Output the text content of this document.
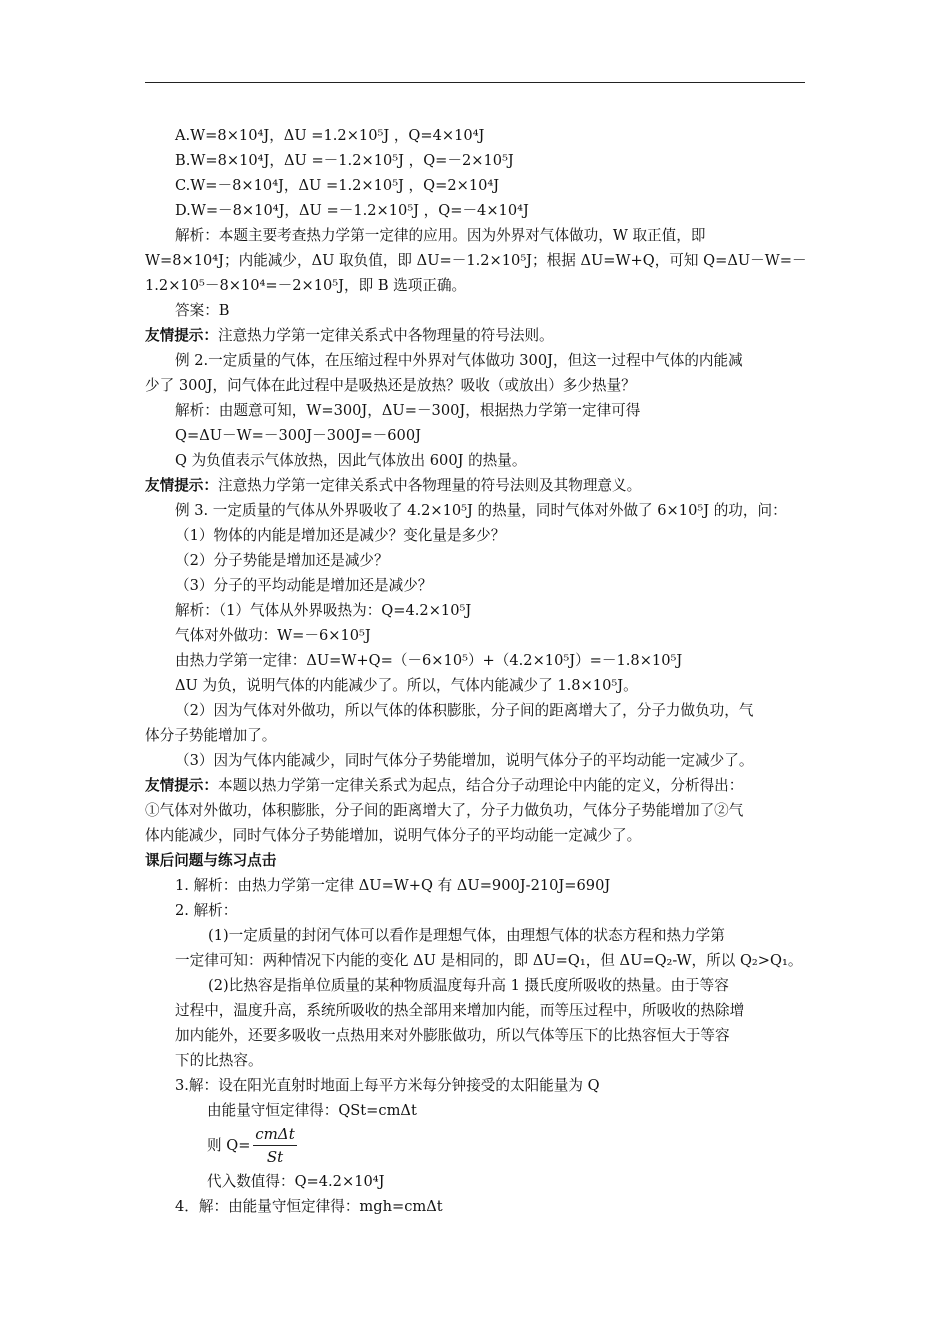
A.W=8×10⁴J，ΔU =1.2×10⁵J ，Q=4×10⁴J
B.W=8×10⁴J，ΔU =－1.2×10⁵J ，Q=－2×10⁵J
C.W=－8×10⁴J，ΔU =1.2×10⁵J ，Q=2×10⁴J
D.W=－8×10⁴J，ΔU =－1.2×10⁵J ，Q=－4×10⁴J
解析：本题主要考查热力学第一定律的应用。因为外界对气体做功，W 取正值，即
W=8×10⁴J；内能减少，ΔU 取负值，即 ΔU=－1.2×10⁵J；根据 ΔU=W+Q，可知 Q=ΔU－W=－
1.2×10⁵－8×10⁴=－2×10⁵J，即 B 选项正确。
答案：B
友情提示：注意热力学第一定律关系式中各物理量的符号法则。
例 2.一定质量的气体，在压缩过程中外界对气体做功 300J，但这一过程中气体的内能减
少了 300J，问气体在此过程中是吸热还是放热？吸收（或放出）多少热量？
解析：由题意可知，W=300J，ΔU=－300J，根据热力学第一定律可得
Q=ΔU－W=－300J－300J=－600J
Q 为负值表示气体放热，因此气体放出 600J 的热量。
友情提示：注意热力学第一定律关系式中各物理量的符号法则及其物理意义。
例 3. 一定质量的气体从外界吸收了 4.2×10⁵J 的热量，同时气体对外做了 6×10⁵J 的功，问：
（1）物体的内能是增加还是减少？变化量是多少？
（2）分子势能是增加还是减少？
（3）分子的平均动能是增加还是减少？
解析：（1）气体从外界吸热为：Q=4.2×10⁵J
气体对外做功：W=－6×10⁵J
由热力学第一定律：ΔU=W+Q=（－6×10⁵）+（4.2×10⁵J）=－1.8×10⁵J
ΔU 为负，说明气体的内能减少了。所以，气体内能减少了 1.8×10⁵J。
（2）因为气体对外做功，所以气体的体积膨胀，分子间的距离增大了，分子力做负功，气
体分子势能增加了。
（3）因为气体内能减少，同时气体分子势能增加，说明气体分子的平均动能一定减少了。
友情提示：本题以热力学第一定律关系式为起点，结合分子动理论中内能的定义，分析得出：
①气体对外做功，体积膨胀，分子间的距离增大了，分子力做负功，气体分子势能增加了②气
体内能减少，同时气体分子势能增加，说明气体分子的平均动能一定减少了。
课后问题与练习点击
1. 解析：由热力学第一定律 ΔU=W+Q 有 ΔU=900J-210J=690J
2. 解析：
(1)一定质量的封闭气体可以看作是理想气体，由理想气体的状态方程和热力学第
一定律可知：两种情况下内能的变化 ΔU 是相同的，即 ΔU=Q₁，但 ΔU=Q₂-W，所以 Q₂>Q₁。
(2)比热容是指单位质量的某种物质温度每升高 1 摄氏度所吸收的热量。由于等容
过程中，温度升高，系统所吸收的热全部用来增加内能，而等压过程中，所吸收的热除增
加内能外，还要多吸收一点热用来对外膨胀做功，所以气体等压下的比热容恒大于等容
下的比热容。
3.解：设在阳光直射时地面上每平方米每分钟接受的太阳能量为 Q
由能量守恒定律得：QSt=cmΔt
则 Q=
cmΔt
St
代入数值得：Q=4.2×10⁴J
4．解：由能量守恒定律得：mgh=cmΔt
